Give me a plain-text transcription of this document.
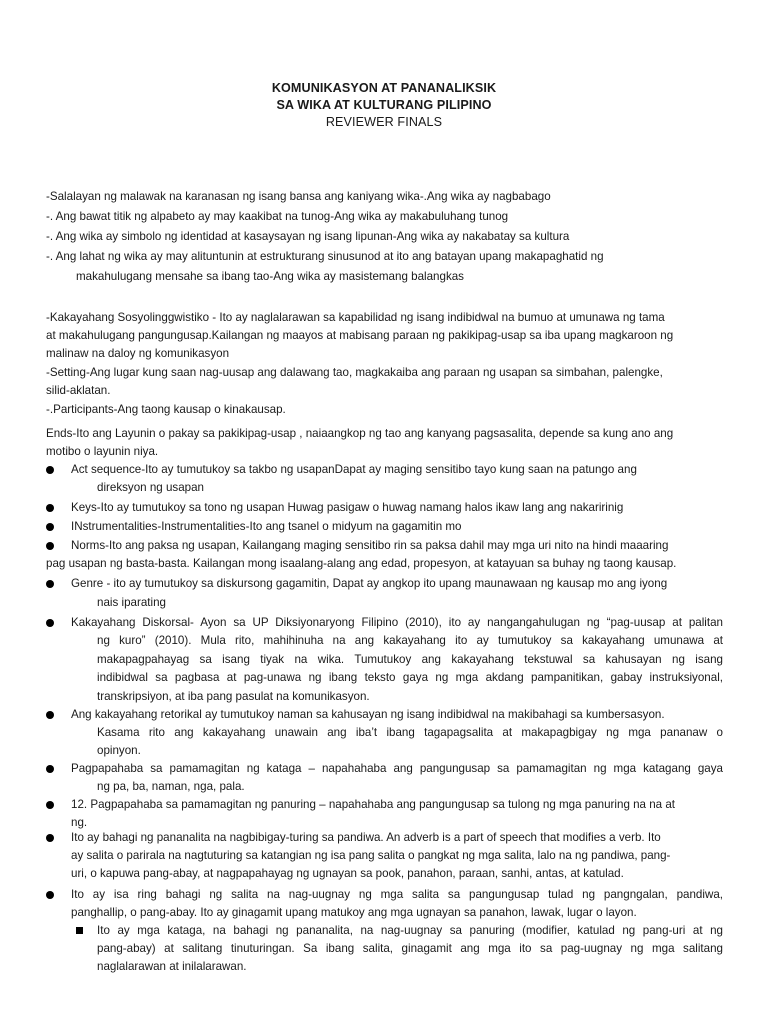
KOMUNIKASYON AT PANANALIKSIK
SA WIKA AT KULTURANG PILIPINO
REVIEWER FINALS
-Salalayan ng malawak na karanasan ng isang bansa ang kaniyang wika-.Ang wika ay nagbabago
-. Ang bawat titik ng alpabeto ay may kaakibat na tunog-Ang wika ay makabuluhang tunog
-. Ang wika ay simbolo ng identidad at kasaysayan ng isang lipunan-Ang wika ay nakabatay sa kultura
-. Ang lahat ng wika ay may alituntunin at estrukturang sinusunod at ito ang batayan upang makapaghatid ng
makahulugang mensahe sa ibang tao-Ang wika ay masistemang balangkas
-Kakayahang Sosyolinggwistiko - Ito ay naglalarawan sa kapabilidad ng isang indibidwal na bumuo at umunawa ng tama
at makahulugang pangungusap.Kailangan ng maayos at mabisang paraan ng pakikipag-usap sa iba upang magkaroon ng
malinaw na daloy ng komunikasyon
-Setting-Ang lugar kung saan nag-uusap ang dalawang tao, magkakaiba ang paraan ng usapan sa simbahan, palengke,
silid-aklatan.
-.Participants-Ang taong kausap o kinakausap.
Ends-Ito ang Layunin o pakay sa pakikipag-usap , naiaangkop ng tao ang kanyang pagsasalita, depende sa kung ano ang
motibo o layunin niya.
Act sequence-Ito ay tumutukoy sa takbo ng usapanDapat ay maging sensitibo tayo kung saan na patungo ang
direksyon ng usapan
Keys-Ito ay tumutukoy sa tono ng usapan Huwag pasigaw o huwag namang halos ikaw lang ang nakaririnig
INstrumentalities-Instrumentalities-Ito ang tsanel o midyum na gagamitin mo
Norms-Ito ang paksa ng usapan, Kailangang maging sensitibo rin sa paksa dahil may mga uri nito na hindi maaaring
pag usapan ng basta-basta. Kailangan mong isaalang-alang ang edad, propesyon, at katayuan sa buhay ng taong kausap.
Genre - ito ay tumutukoy sa diskursong gagamitin, Dapat ay angkop ito upang maunawaan ng kausap mo ang iyong
nais iparating
Kakayahang Diskorsal- Ayon sa UP Diksiyonaryong Filipino (2010), ito ay nangangahulugan ng “pag-uusap at palitan
ng kuro” (2010). Mula rito, mahihinuha na ang kakayahang ito ay tumutukoy sa kakayahang umunawa at
makapagpahayag sa isang tiyak na wika. Tumutukoy ang kakayahang tekstuwal sa kahusayan ng isang
indibidwal sa pagbasa at pag-unawa ng ibang teksto gaya ng mga akdang pampanitikan, gabay instruksiyonal,
transkripsiyon, at iba pang pasulat na komunikasyon.
Ang kakayahang retorikal ay tumutukoy naman sa kahusayan ng isang indibidwal na makibahagi sa kumbersasyon.
Kasama rito ang kakayahang unawain ang iba’t ibang tagapagsalita at makapagbigay ng mga pananaw o
opinyon.
Pagpapahaba sa pamamagitan ng kataga – napahahaba ang pangungusap sa pamamagitan ng mga katagang gaya
ng pa, ba, naman, nga, pala.
12. Pagpapahaba sa pamamagitan ng panuring – napahahaba ang pangungusap sa tulong ng mga panuring na na at
ng.
Ito ay bahagi ng pananalita na nagbibigay-turing sa pandiwa. An adverb is a part of speech that modifies a verb. Ito
ay salita o parirala na nagtuturing sa katangian ng isa pang salita o pangkat ng mga salita, lalo na ng pandiwa, pang-
uri, o kapuwa pang-abay, at nagpapahayag ng ugnayan sa pook, panahon, paraan, sanhi, antas, at katulad.
Ito ay isa ring bahagi ng salita na nag-uugnay ng mga salita sa pangungusap tulad ng pangngalan, pandiwa,
panghallip, o pang-abay. Ito ay ginagamit upang matukoy ang mga ugnayan sa panahon, lawak, lugar o layon.
Ito ay mga kataga, na bahagi ng pananalita, na nag-uugnay sa panuring (modifier, katulad ng pang-uri at ng
pang-abay) at salitang tinuturingan. Sa ibang salita, ginagamit ang mga ito sa pag-uugnay ng mga salitang
naglalarawan at inilalarawan.
